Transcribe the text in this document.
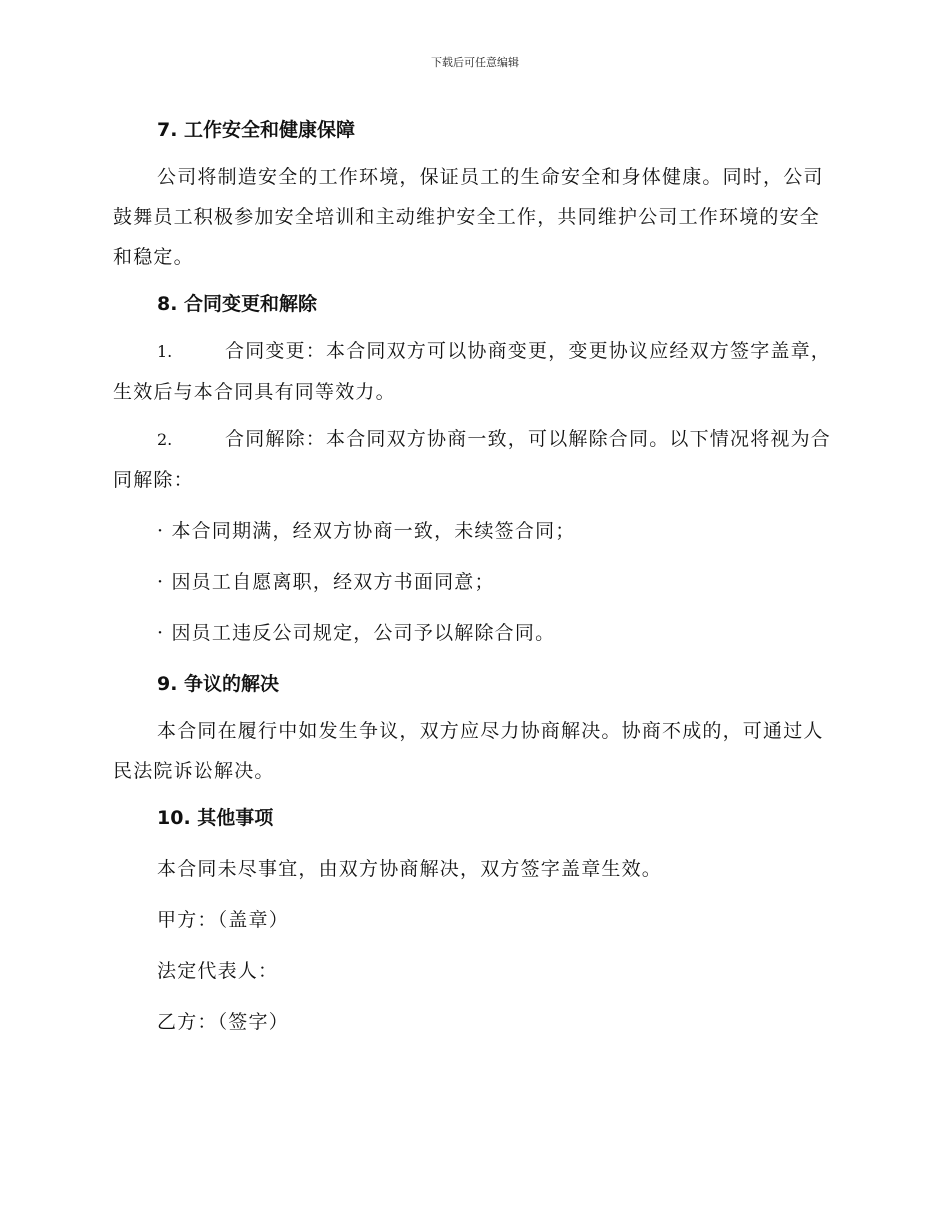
下载后可任意编辑
7. 工作安全和健康保障
公司将制造安全的工作环境，保证员工的生命安全和身体健康。同时，公司鼓舞员工积极参加安全培训和主动维护安全工作，共同维护公司工作环境的安全和稳定。
8. 合同变更和解除
1.	合同变更：本合同双方可以协商变更，变更协议应经双方签字盖章，生效后与本合同具有同等效力。
2.	合同解除：本合同双方协商一致，可以解除合同。以下情况将视为合同解除：
· 本合同期满，经双方协商一致，未续签合同；
· 因员工自愿离职，经双方书面同意；
· 因员工违反公司规定，公司予以解除合同。
9. 争议的解决
本合同在履行中如发生争议，双方应尽力协商解决。协商不成的，可通过人民法院诉讼解决。
10. 其他事项
本合同未尽事宜，由双方协商解决，双方签字盖章生效。
甲方：（盖章）
法定代表人：
乙方：（签字）
